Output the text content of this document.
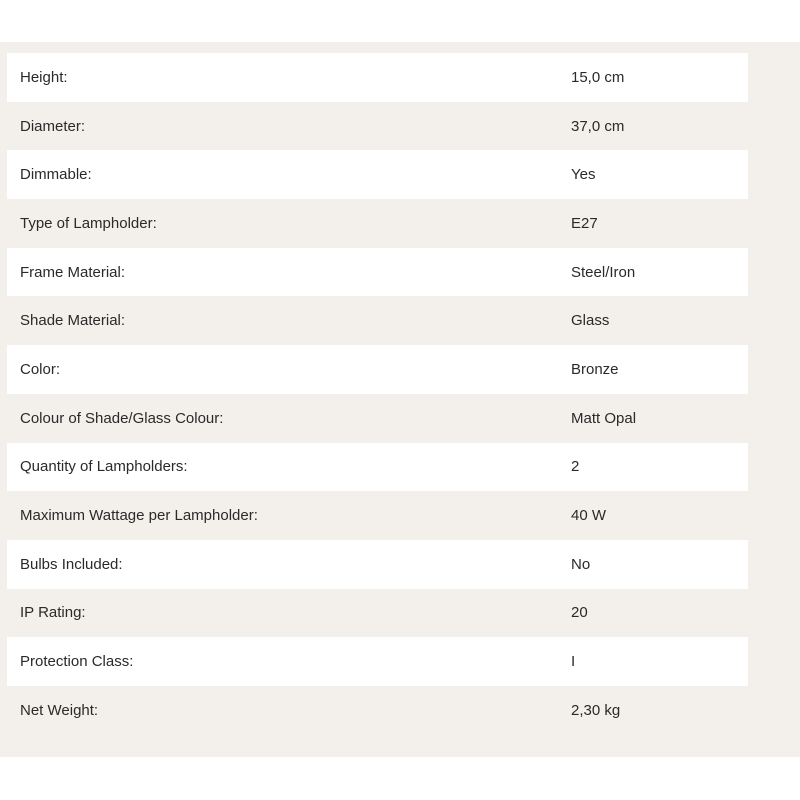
Height:	15,0 cm
Diameter:	37,0 cm
Dimmable:	Yes
Type of Lampholder:	E27
Frame Material:	Steel/Iron
Shade Material:	Glass
Color:	Bronze
Colour of Shade/Glass Colour:	Matt Opal
Quantity of Lampholders:	2
Maximum Wattage per Lampholder:	40 W
Bulbs Included:	No
IP Rating:	20
Protection Class:	I
Net Weight:	2,30 kg
